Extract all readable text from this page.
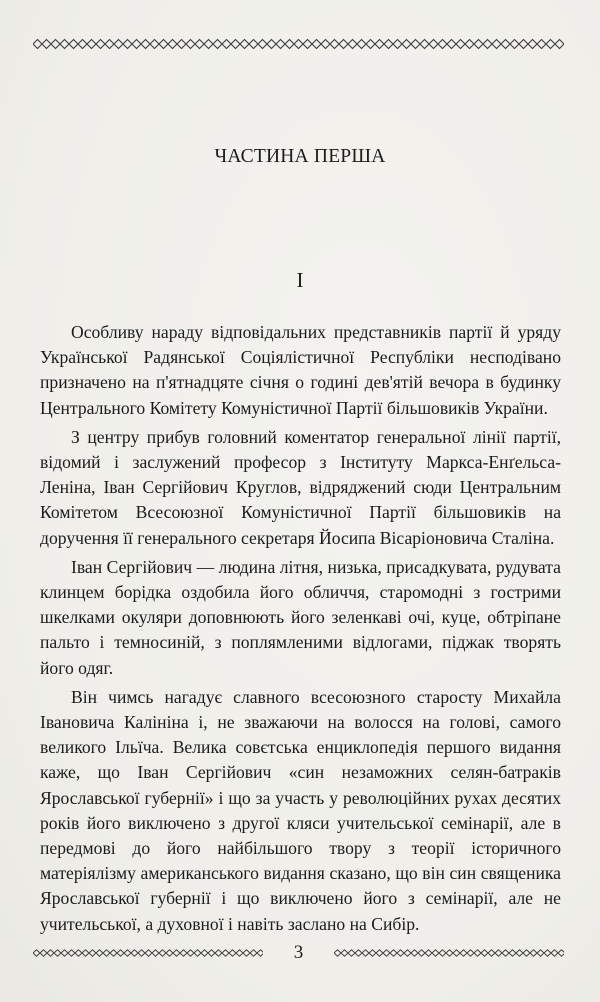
ЧАСТИНА ПЕРША
І

Особливу нараду відповідальних представників партії й уряду Української Радянської Соціялістичної Республіки несподівано призначено на п'ятнадцяте січня о годині дев'ятій вечора в будинку Центрального Комітету Комуністичної Партії більшовиків України.

З центру прибув головний коментатор генеральної лінії партії, відомий і заслужений професор з Інституту Маркса-Енґельса-Леніна, Іван Сергійович Круглов, відряджений сюди Центральним Комітетом Всесоюзної Комуністичної Партії більшовиків на доручення її генерального секретаря Йосипа Вісаріоновича Сталіна.

Іван Сергійович — людина літня, низька, присадкувата, рудувата клинцем борідка оздобила його обличчя, старомодні з гострими шкелками окуляри доповнюють його зеленкаві очі, куце, обтріпане пальто і темносиній, з поплямленими відлогами, піджак творять його одяг.

Він чимсь нагадує славного всесоюзного старосту Михайла Івановича Калініна і, не зважаючи на волосся на голові, самого великого Ільїча. Велика совєтська енциклопедія першого видання каже, що Іван Сергійович «син незаможних селян-батраків Ярославської губернії» і що за участь у революційних рухах десятих років його виключено з другої кляси учительської семінарії, але в передмові до його найбільшого твору з теорії історичного матеріялізму американського видання сказано, що він син священика Ярославської губернії і що виключено його з семінарії, але не учительської, а духовної і навіть заслано на Сибір.

3
